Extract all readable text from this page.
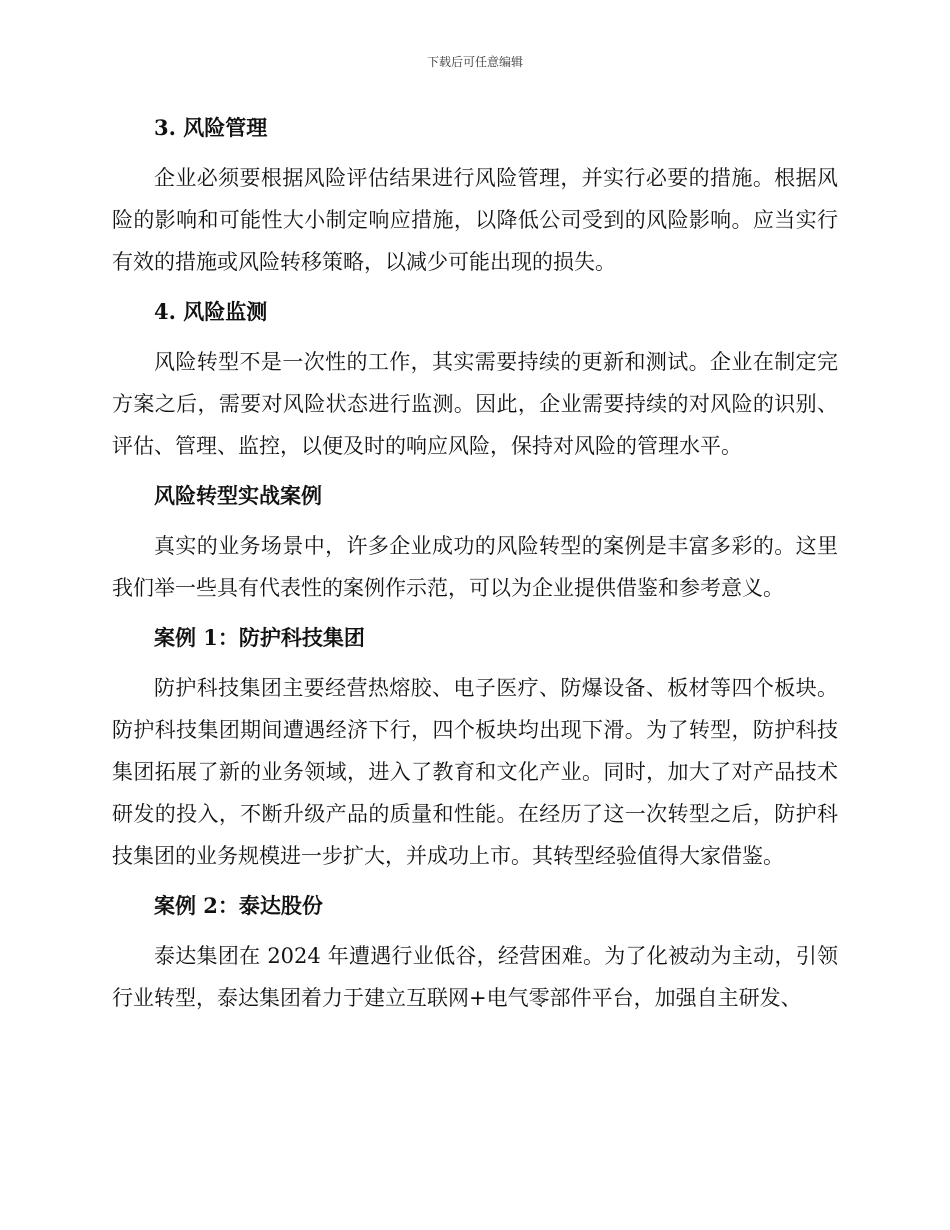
下载后可任意编辑
3. 风险管理

企业必须要根据风险评估结果进行风险管理，并实行必要的措施。根据风险的影响和可能性大小制定响应措施，以降低公司受到的风险影响。应当实行有效的措施或风险转移策略，以减少可能出现的损失。

4. 风险监测

风险转型不是一次性的工作，其实需要持续的更新和测试。企业在制定完方案之后，需要对风险状态进行监测。因此，企业需要持续的对风险的识别、评估、管理、监控，以便及时的响应风险，保持对风险的管理水平。

风险转型实战案例

真实的业务场景中，许多企业成功的风险转型的案例是丰富多彩的。这里我们举一些具有代表性的案例作示范，可以为企业提供借鉴和参考意义。

案例 1：防护科技集团

防护科技集团主要经营热熔胶、电子医疗、防爆设备、板材等四个板块。防护科技集团期间遭遇经济下行，四个板块均出现下滑。为了转型，防护科技集团拓展了新的业务领域，进入了教育和文化产业。同时，加大了对产品技术研发的投入，不断升级产品的质量和性能。在经历了这一次转型之后，防护科技集团的业务规模进一步扩大，并成功上市。其转型经验值得大家借鉴。

案例 2：泰达股份

泰达集团在 2024 年遭遇行业低谷，经营困难。为了化被动为主动，引领行业转型，泰达集团着力于建立互联网+电气零部件平台，加强自主研发、
